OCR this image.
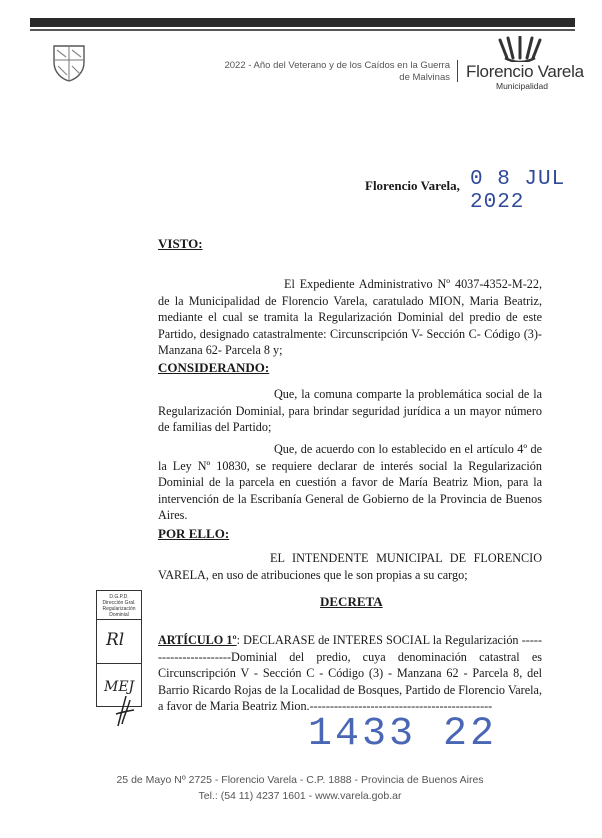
2022 - Año del Veterano y de los Caídos en la Guerra de Malvinas Florencio Varela
Municipalidad
Florencio Varela, 0 8 JUL 2022
VISTO:

El Expediente Administrativo Nº 4037-4352-M-22, de la Municipalidad de Florencio Varela, caratulado MION, Maria Beatriz, mediante el cual se tramita la Regularización Dominial del predio de este Partido, designado catastralmente: Circunscripción V- Sección C- Código (3)- Manzana 62- Parcela 8 y;

CONSIDERANDO:

Que, la comuna comparte la problemática social de la Regularización Dominial, para brindar seguridad jurídica a un mayor número de familias del Partido;

Que, de acuerdo con lo establecido en el artículo 4º de la Ley Nº 10830, se requiere declarar de interés social la Regularización Dominial de la parcela en cuestión a favor de María Beatriz Mion, para la intervención de la Escribanía General de Gobierno de la Provincia de Buenos Aires.

POR ELLO:

EL INTENDENTE MUNICIPAL DE FLORENCIO VARELA, en uso de atribuciones que le son propias a su cargo;

DECRETA

ARTÍCULO 1º: DECLARASE de INTERES SOCIAL la Regularización -----------------------Dominial del predio, cuya denominación catastral es Circunscripción V - Sección C - Código (3) - Manzana 62 - Parcela 8, del Barrio Ricardo Rojas de la Localidad de Bosques, Partido de Florencio Varela, a favor de Maria Beatriz Mion.---------------------------------------------

D.G.P.D. Dirección Gral. Regularización Dominial
Rl
MEJ
1433 22
25 de Mayo Nº 2725 - Florencio Varela - C.P. 1888 - Provincia de Buenos Aires
Tel.: (54 11) 4237 1601 - www.varela.gob.ar
